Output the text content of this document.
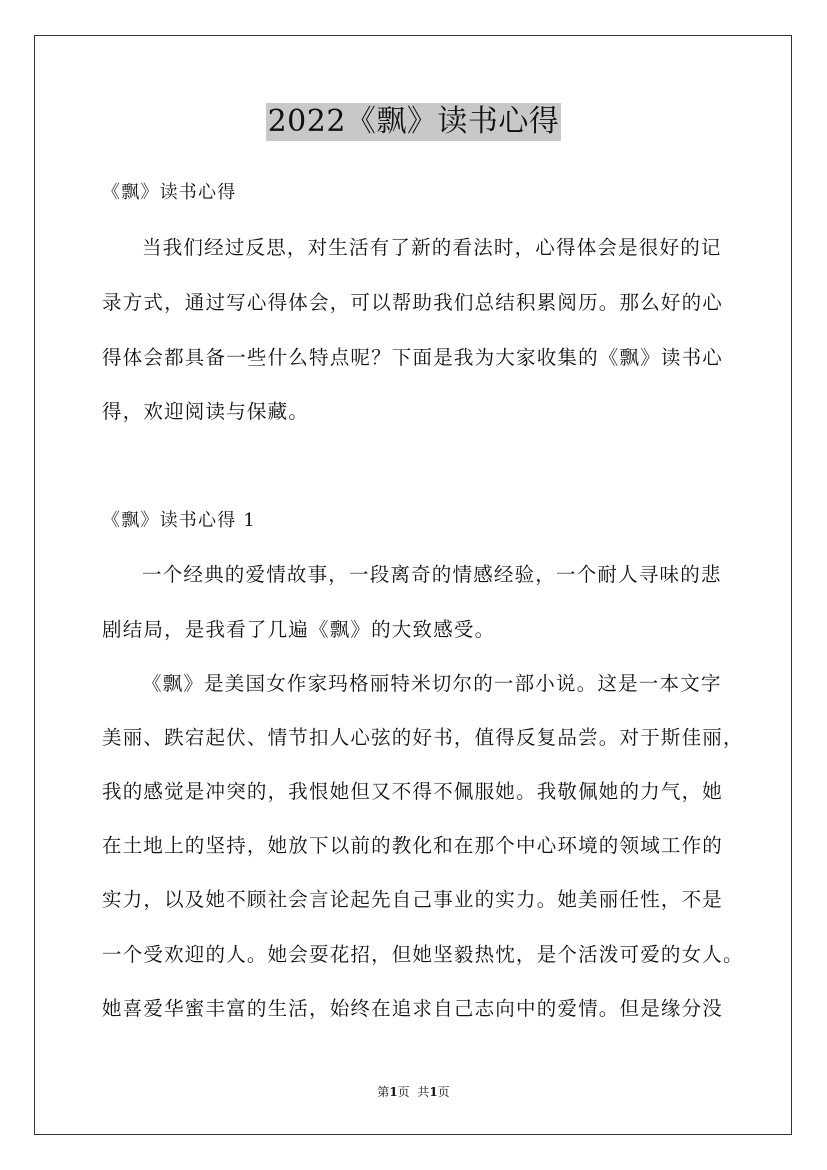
2022《飘》读书心得
《飘》读书心得
当我们经过反思，对生活有了新的看法时，心得体会是很好的记
录方式，通过写心得体会，可以帮助我们总结积累阅历。那么好的心
得体会都具备一些什么特点呢？下面是我为大家收集的《飘》读书心
得，欢迎阅读与保藏。
《飘》读书心得 1
一个经典的爱情故事，一段离奇的情感经验，一个耐人寻味的悲
剧结局，是我看了几遍《飘》的大致感受。
《飘》是美国女作家玛格丽特米切尔的一部小说。这是一本文字
美丽、跌宕起伏、情节扣人心弦的好书，值得反复品尝。对于斯佳丽，
我的感觉是冲突的，我恨她但又不得不佩服她。我敬佩她的力气，她
在土地上的坚持，她放下以前的教化和在那个中心环境的领域工作的
实力，以及她不顾社会言论起先自己事业的实力。她美丽任性，不是
一个受欢迎的人。她会耍花招，但她坚毅热忱，是个活泼可爱的女人。
她喜爱华蜜丰富的生活，始终在追求自己志向中的爱情。但是缘分没
第1页  共1页
